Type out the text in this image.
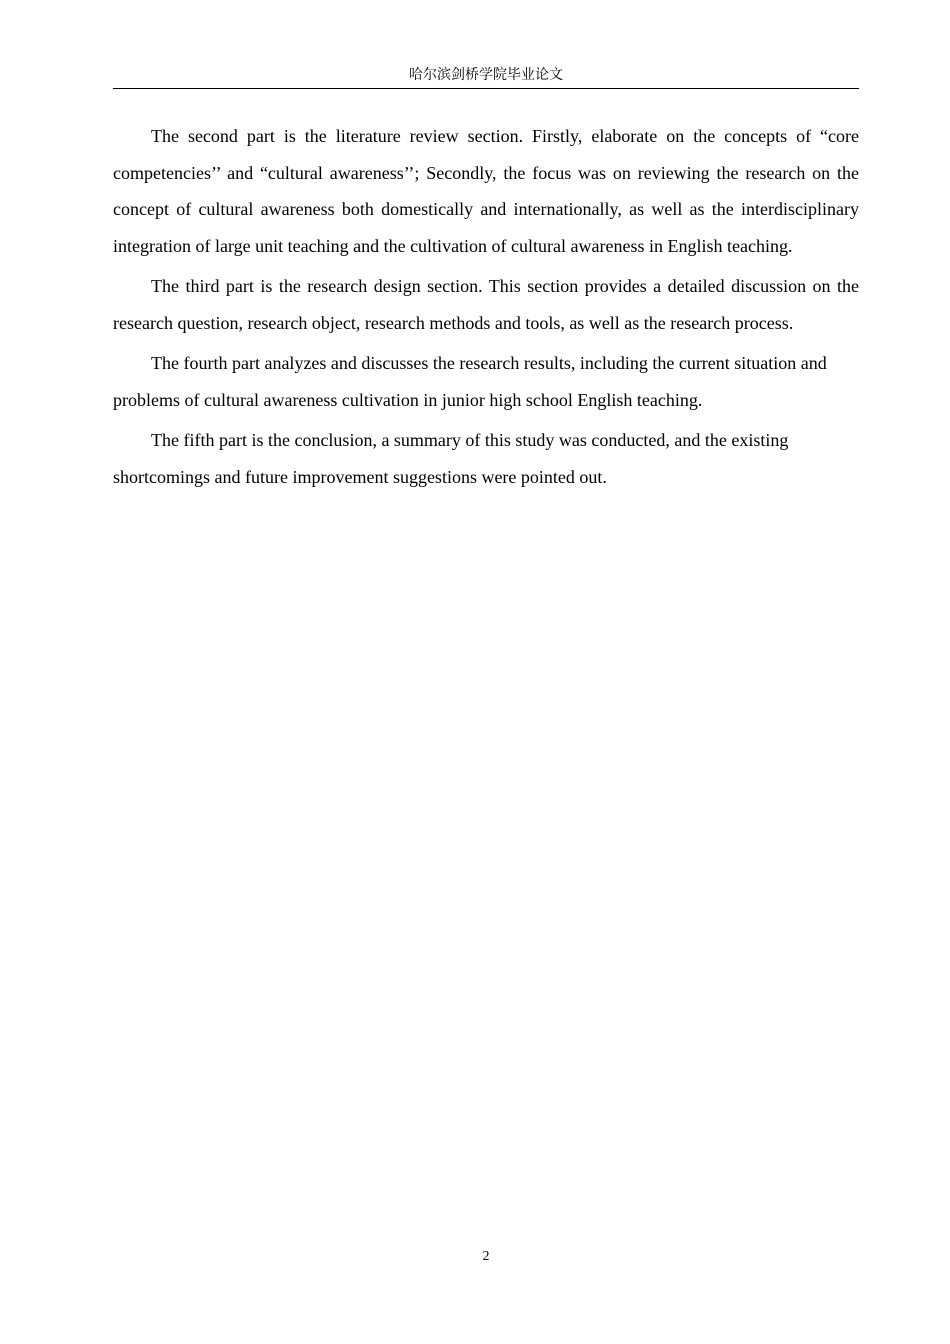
哈尔滨剑桥学院毕业论文

The second part is the literature review section. Firstly, elaborate on the concepts of “core competencies’’ and “cultural awareness’’; Secondly, the focus was on reviewing the research on the concept of cultural awareness both domestically and internationally, as well as the interdisciplinary integration of large unit teaching and the cultivation of cultural awareness in English teaching.

The third part is the research design section. This section provides a detailed discussion on the research question, research object, research methods and tools, as well as the research process.

The fourth part analyzes and discusses the research results, including the current situation and problems of cultural awareness cultivation in junior high school English teaching.

The fifth part is the conclusion, a summary of this study was conducted, and the existing shortcomings and future improvement suggestions were pointed out.

2
